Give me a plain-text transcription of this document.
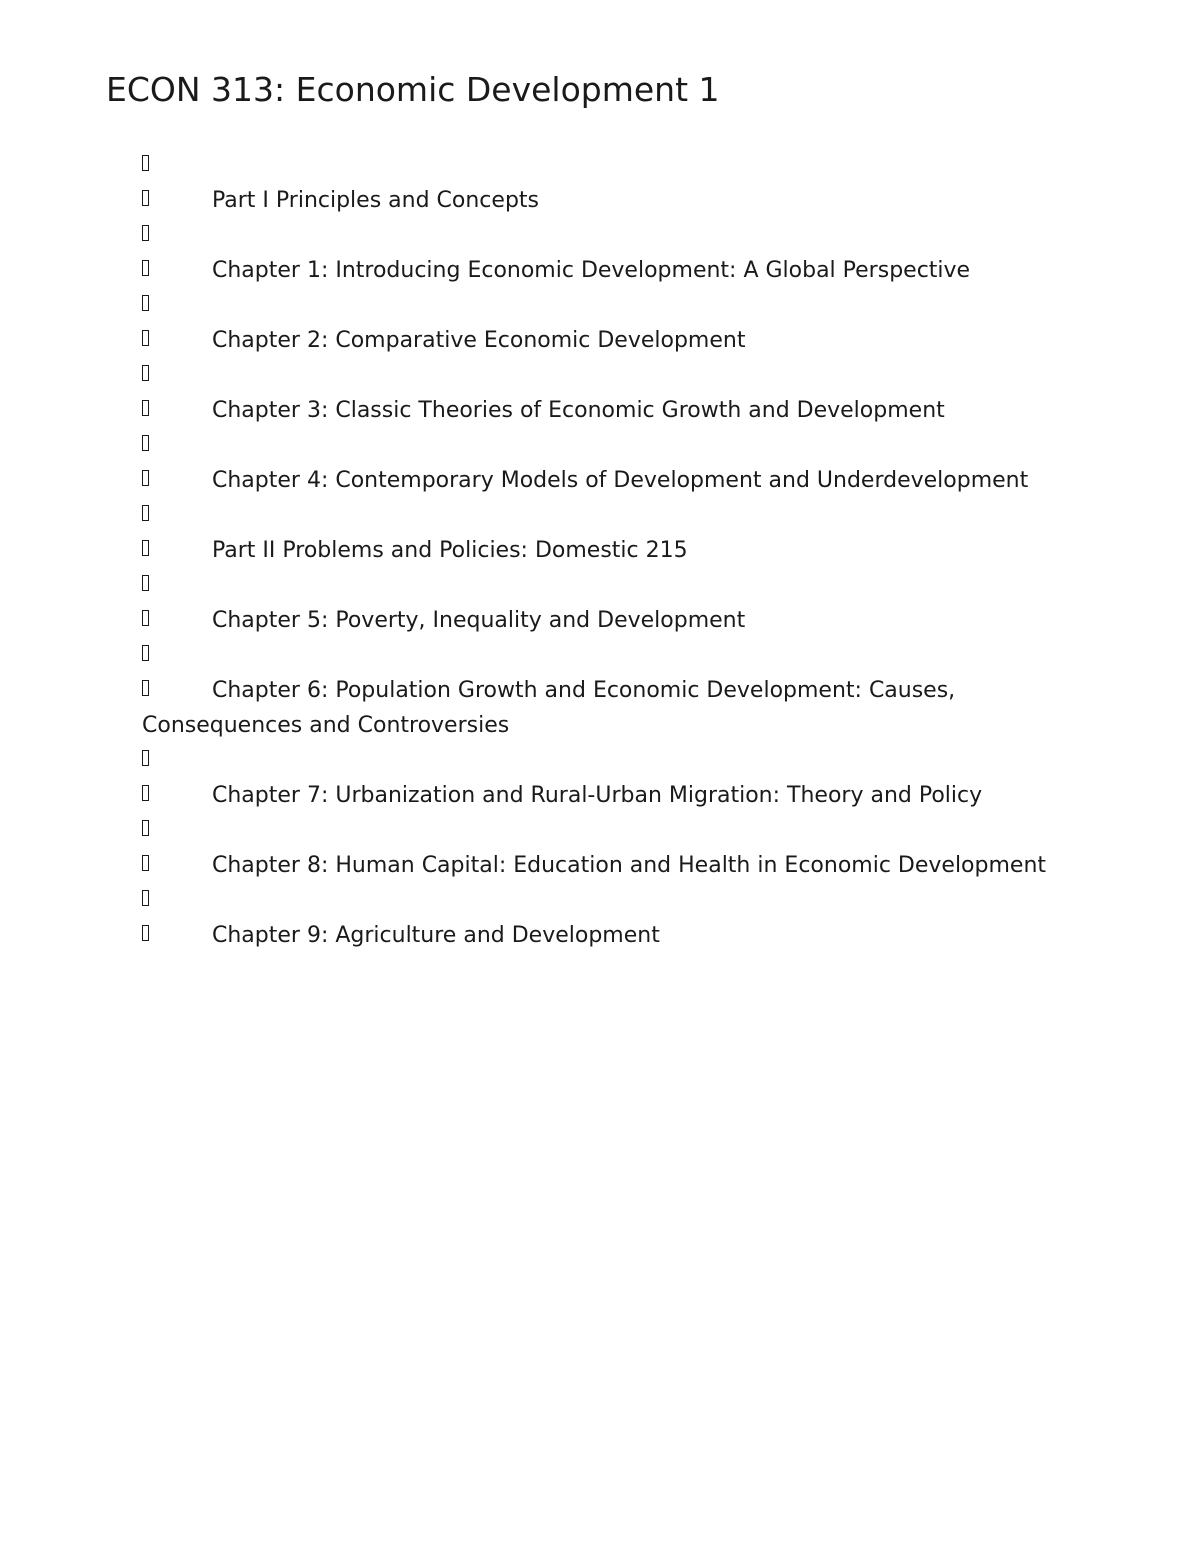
ECON 313: Economic Development 1
Part I Principles and Concepts
Chapter 1: Introducing Economic Development: A Global Perspective
Chapter 2: Comparative Economic Development
Chapter 3: Classic Theories of Economic Growth and Development
Chapter 4: Contemporary Models of Development and Underdevelopment
Part II Problems and Policies: Domestic 215
Chapter 5: Poverty, Inequality and Development
Chapter 6: Population Growth and Economic Development: Causes, Consequences and Controversies
Chapter 7: Urbanization and Rural-Urban Migration: Theory and Policy
Chapter 8: Human Capital: Education and Health in Economic Development
Chapter 9: Agriculture and Development
